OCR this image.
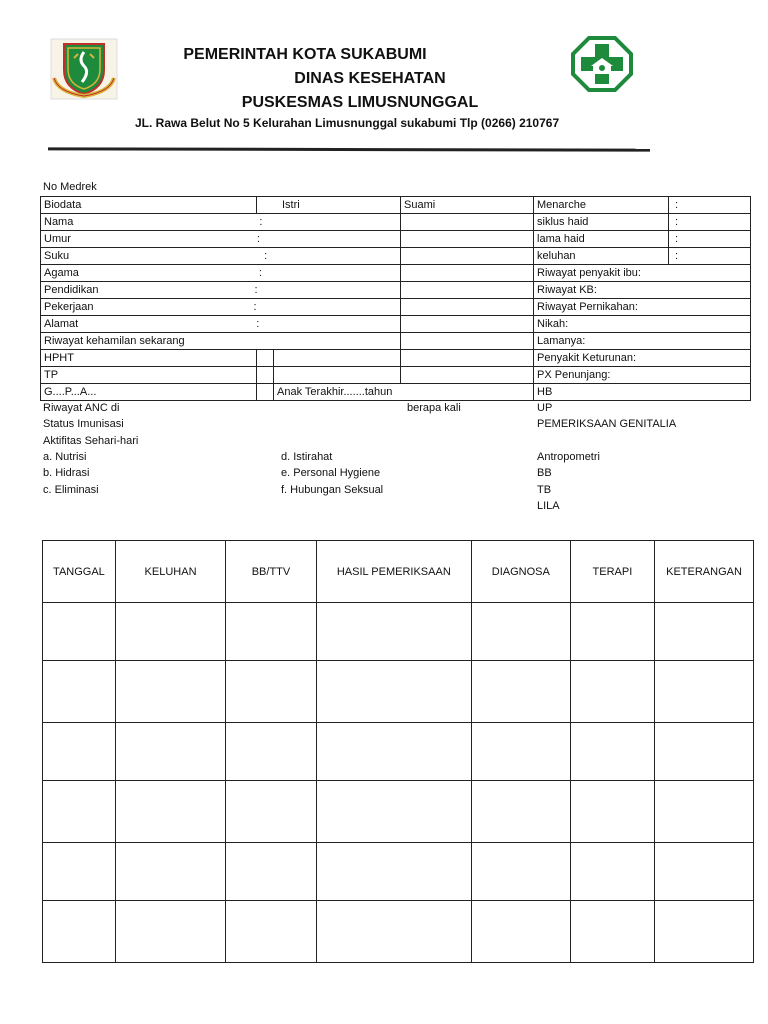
PEMERINTAH KOTA SUKABUMI
DINAS KESEHATAN
PUSKESMAS LIMUSNUNGGAL
JL. Rawa Belut No 5 Kelurahan Limusnunggal sukabumi Tlp (0266) 210767
No Medrek
Biodata	Istri		Suami	Menarche	:
Nama :				siklus haid	:
Umur :				lama haid	:
Suku :				keluhan	:
Agama :				Riwayat penyakit ibu:	
Pendidikan :				Riwayat KB:	
Pekerjaan :				Riwayat Pernikahan:	
Alamat :				Nikah:	
Riwayat kehamilan sekarang				Lamanya:	
HPHT				Penyakit Keturunan:	
TP				PX Penunjang:	
G....P...A...		Anak Terakhir.......tahun		HB	
Riwayat ANC di	berapa kali	UP
Status Imunisasi	PEMERIKSAAN GENITALIA
Aktifitas Sehari-hari
a. Nutrisi	d. Istirahat	Antropometri
b. Hidrasi	e. Personal Hygiene	BB
c. Eliminasi	f. Hubungan Seksual	TB
LILA
TANGGAL	KELUHAN	BB/TTV	HASIL PEMERIKSAAN	DIAGNOSA	TERAPI	KETERANGAN
